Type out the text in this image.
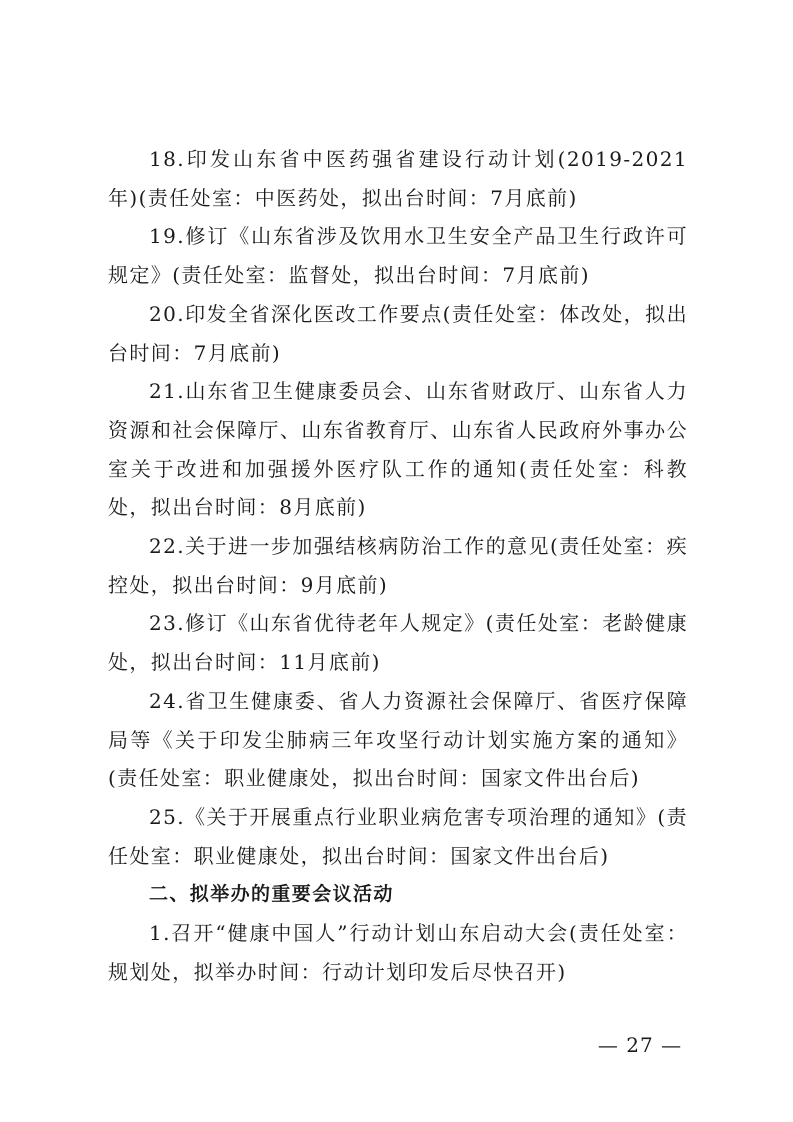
18.印发山东省中医药强省建设行动计划(2019-2021年)(责任处室：中医药处，拟出台时间：7月底前)

19.修订《山东省涉及饮用水卫生安全产品卫生行政许可规定》(责任处室：监督处，拟出台时间：7月底前)

20.印发全省深化医改工作要点(责任处室：体改处，拟出台时间：7月底前)

21.山东省卫生健康委员会、山东省财政厅、山东省人力资源和社会保障厅、山东省教育厅、山东省人民政府外事办公室关于改进和加强援外医疗队工作的通知(责任处室：科教处，拟出台时间：8月底前)

22.关于进一步加强结核病防治工作的意见(责任处室：疾控处，拟出台时间：9月底前)

23.修订《山东省优待老年人规定》(责任处室：老龄健康处，拟出台时间：11月底前)

24.省卫生健康委、省人力资源社会保障厅、省医疗保障局等《关于印发尘肺病三年攻坚行动计划实施方案的通知》(责任处室：职业健康处，拟出台时间：国家文件出台后)

25.《关于开展重点行业职业病危害专项治理的通知》(责任处室：职业健康处，拟出台时间：国家文件出台后)

二、拟举办的重要会议活动

1.召开“健康中国人”行动计划山东启动大会(责任处室：规划处，拟举办时间：行动计划印发后尽快召开)

— 27 —
